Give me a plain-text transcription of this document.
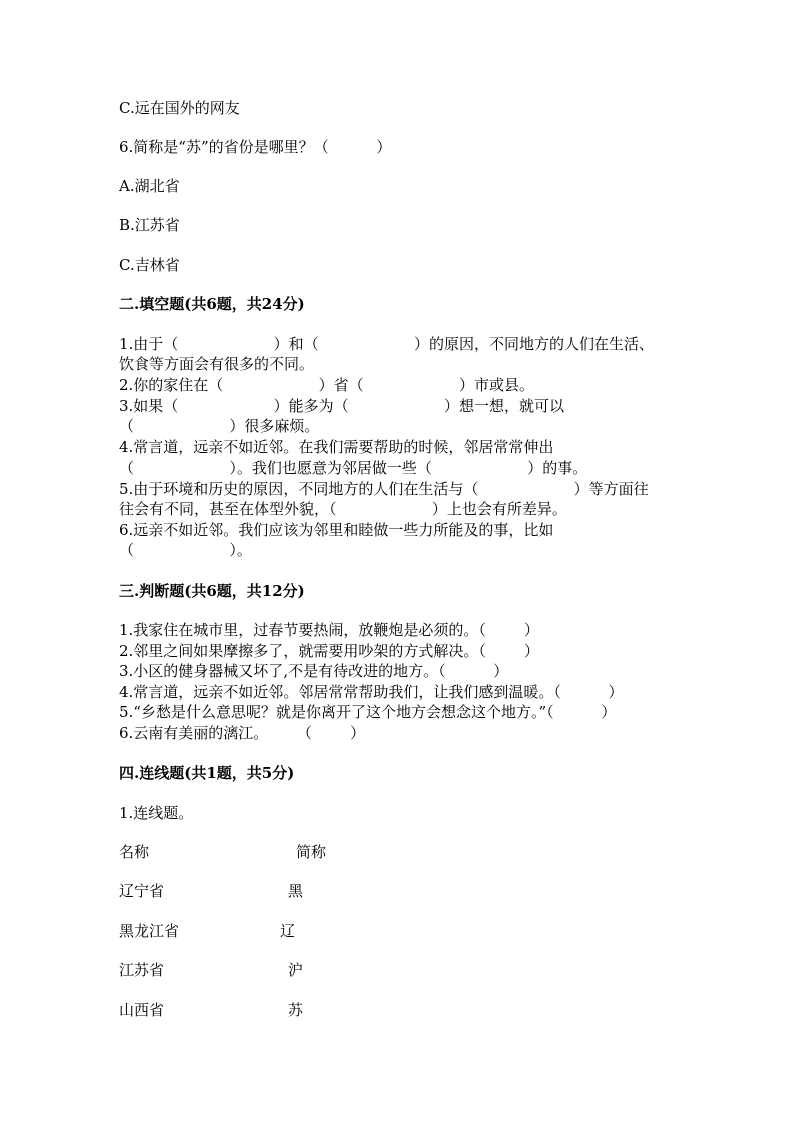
C.远在国外的网友
6.简称是“苏”的省份是哪里？（          ）
A.湖北省
B.江苏省
C.吉林省
二.填空题(共6题，共24分)
1.由于（                    ）和（                    ）的原因，不同地方的人们在生活、
饮食等方面会有很多的不同。
2.你的家住在（                    ）省（                    ）市或县。
3.如果（                    ）能多为（                    ）想一想，就可以
（                    ）很多麻烦。
4.常言道，远亲不如近邻。在我们需要帮助的时候，邻居常常伸出
（                    ）。我们也愿意为邻居做一些（                    ）的事。
5.由于环境和历史的原因，不同地方的人们在生活与（                    ）等方面往
往会有不同，甚至在体型外貌，（                    ）上也会有所差异。
6.远亲不如近邻。我们应该为邻里和睦做一些力所能及的事，比如
（                    ）。
三.判断题(共6题，共12分)
1.我家住在城市里，过春节要热闹，放鞭炮是必须的。（        ）
2.邻里之间如果摩擦多了，就需要用吵架的方式解决。（        ）
3.小区的健身器械又坏了,不是有待改进的地方。（          ）
4.常言道，远亲不如近邻。邻居常常帮助我们，让我们感到温暖。（          ）
5.“乡愁是什么意思呢？就是你离开了这个地方会想念这个地方。”（          ）
6.云南有美丽的漓江。      （        ）
四.连线题(共1题，共5分)
1.连线题。
名称	简称
辽宁省	黑
黑龙江省	辽
江苏省	沪
山西省	苏
